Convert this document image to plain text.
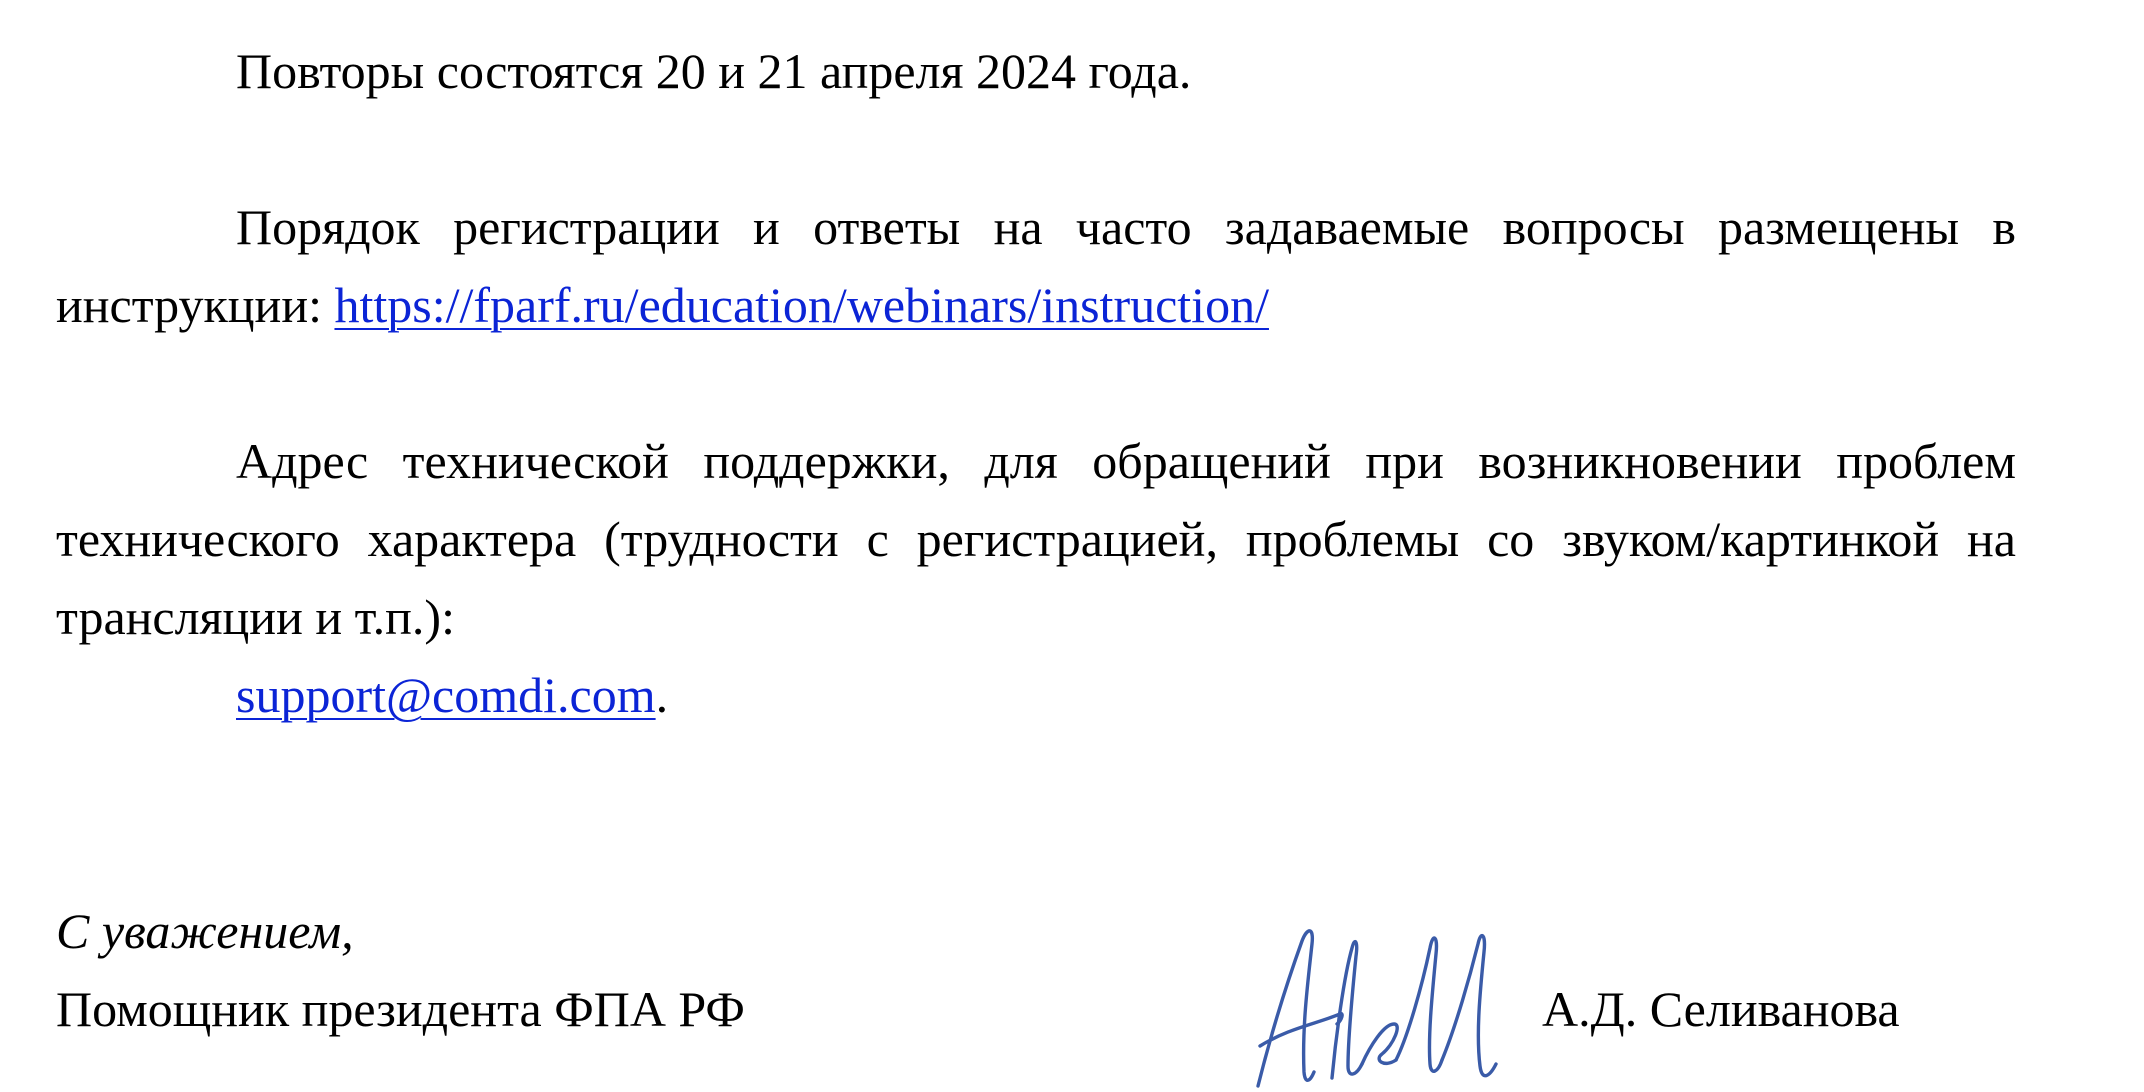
Повторы состоятся 20 и 21 апреля 2024 года.

Порядок регистрации и ответы на часто задаваемые вопросы размещены в инструкции: https://fparf.ru/education/webinars/instruction/

Адрес технической поддержки, для обращений при возникновении проблем технического характера (трудности с регистрацией, проблемы со звуком/картинкой на трансляции и т.п.):

support@comdi.com.

С уважением,
Помощник президента ФПА РФ	А.Д. Селиванова
